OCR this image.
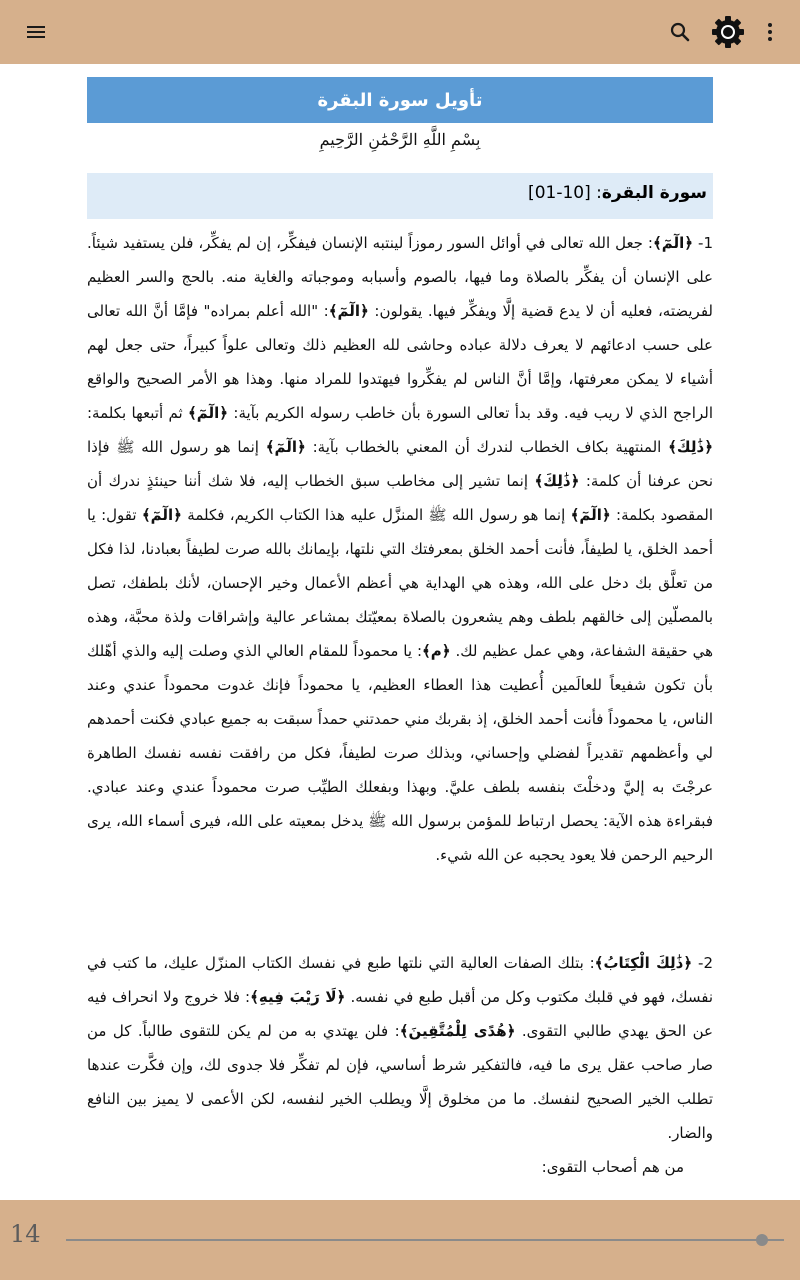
تأويل سورة البقرة
بِسْمِ اللَّهِ الرَّحْمَٰنِ الرَّحِيمِ
سورة البقرة: [10-01]

1- ﴿الٓمٓ﴾: جعل الله تعالى في أوائل السور رموزاً لينتبه الإنسان فيفكِّر، إن لم يفكِّر، فلن يستفيد شيئاً. على الإنسان أن يفكِّر بالصلاة وما فيها، بالصوم وأسبابه وموجباته والغاية منه. بالحج والسر العظيم لفريضته، فعليه أن لا يدع قضية إلَّا ويفكِّر فيها. يقولون: ﴿الٓمٓ﴾: "الله أعلم بمراده" فإمَّا أنَّ الله تعالى على حسب ادعائهم لا يعرف دلالة عباده وحاشى لله العظيم ذلك وتعالى علواً كبيراً، حتى جعل لهم أشياء لا يمكن معرفتها، وإمَّا أنَّ الناس لم يفكِّروا فيهتدوا للمراد منها. وهذا هو الأمر الصحيح والواقع الراجح الذي لا ريب فيه. وقد بدأ تعالى السورة بأن خاطب رسوله الكريم بآية: ﴿الٓمٓ﴾ ثم أتبعها بكلمة: ﴿ذَٰلِكَ﴾ المنتهية بكاف الخطاب لندرك أن المعني بالخطاب بآية: ﴿الٓمٓ﴾ إنما هو رسول الله ﷺ فإذا نحن عرفنا أن كلمة: ﴿ذَٰلِكَ﴾ إنما تشير إلى مخاطب سبق الخطاب إليه، فلا شك أننا حينئذٍ ندرك أن المقصود بكلمة: ﴿الٓمٓ﴾ إنما هو رسول الله ﷺ المنزَّل عليه هذا الكتاب الكريم، فكلمة ﴿الٓمٓ﴾ تقول: يا أحمد الخلق، يا لطيفاً، فأنت أحمد الخلق بمعرفتك التي نلتها، بإيمانك بالله صرت لطيفاً بعبادنا، لذا فكل من تعلَّق بك دخل على الله، وهذه هي الهداية هي أعظم الأعمال وخير الإحسان، لأنك بلطفك، تصل بالمصلّين إلى خالقهم بلطف وهم يشعرون بالصلاة بمعيّتك بمشاعر عالية وإشراقات ولذة محبَّة، وهذه هي حقيقة الشفاعة، وهي عمل عظيم لك. ﴿م﴾: يا محموداً للمقام العالي الذي وصلت إليه والذي أهّلك بأن تكون شفيعاً للعالَمين أُعطيت هذا العطاء العظيم، يا محموداً فإنك غدوت محموداً عندي وعند الناس، يا محموداً فأنت أحمد الخلق، إذ بقربك مني حمدتني حمداً سبقت به جميع عبادي فكنت أحمدهم لي وأعظمهم تقديراً لفضلي وإحساني، وبذلك صرت لطيفاً، فكل من رافقت نفسه نفسك الطاهرة عرجْتَ به إليَّ ودخلْتَ بنفسه بلطف عليَّ. وبهذا وبفعلك الطيِّب صرت محموداً عندي وعند عبادي. فبقراءة هذه الآية: يحصل ارتباط للمؤمن برسول الله ﷺ يدخل بمعيته على الله، فيرى أسماء الله، يرى الرحيم الرحمن فلا يعود يحجبه عن الله شيء.

2- ﴿ذَٰلِكَ الْكِتَابُ﴾: بتلك الصفات العالية التي نلتها طبع في نفسك الكتاب المنزّل عليك، ما كتب في نفسك، فهو في قلبك مكتوب وكل من أقبل طبع في نفسه. ﴿لَا رَيْبَ فِيهِ﴾: فلا خروج ولا انحراف فيه عن الحق يهدي طالبي التقوى. ﴿هُدًى لِلْمُتَّقِينَ﴾: فلن يهتدي به من لم يكن للتقوى طالباً. كل من صار صاحب عقل يرى ما فيه، فالتفكير شرط أساسي، فإن لم تفكِّر فلا جدوى لك، وإن فكَّرت عندها تطلب الخير الصحيح لنفسك. ما من مخلوق إلَّا ويطلب الخير لنفسه، لكن الأعمى لا يميز بين النافع والضار.

من هم أصحاب التقوى:
14
